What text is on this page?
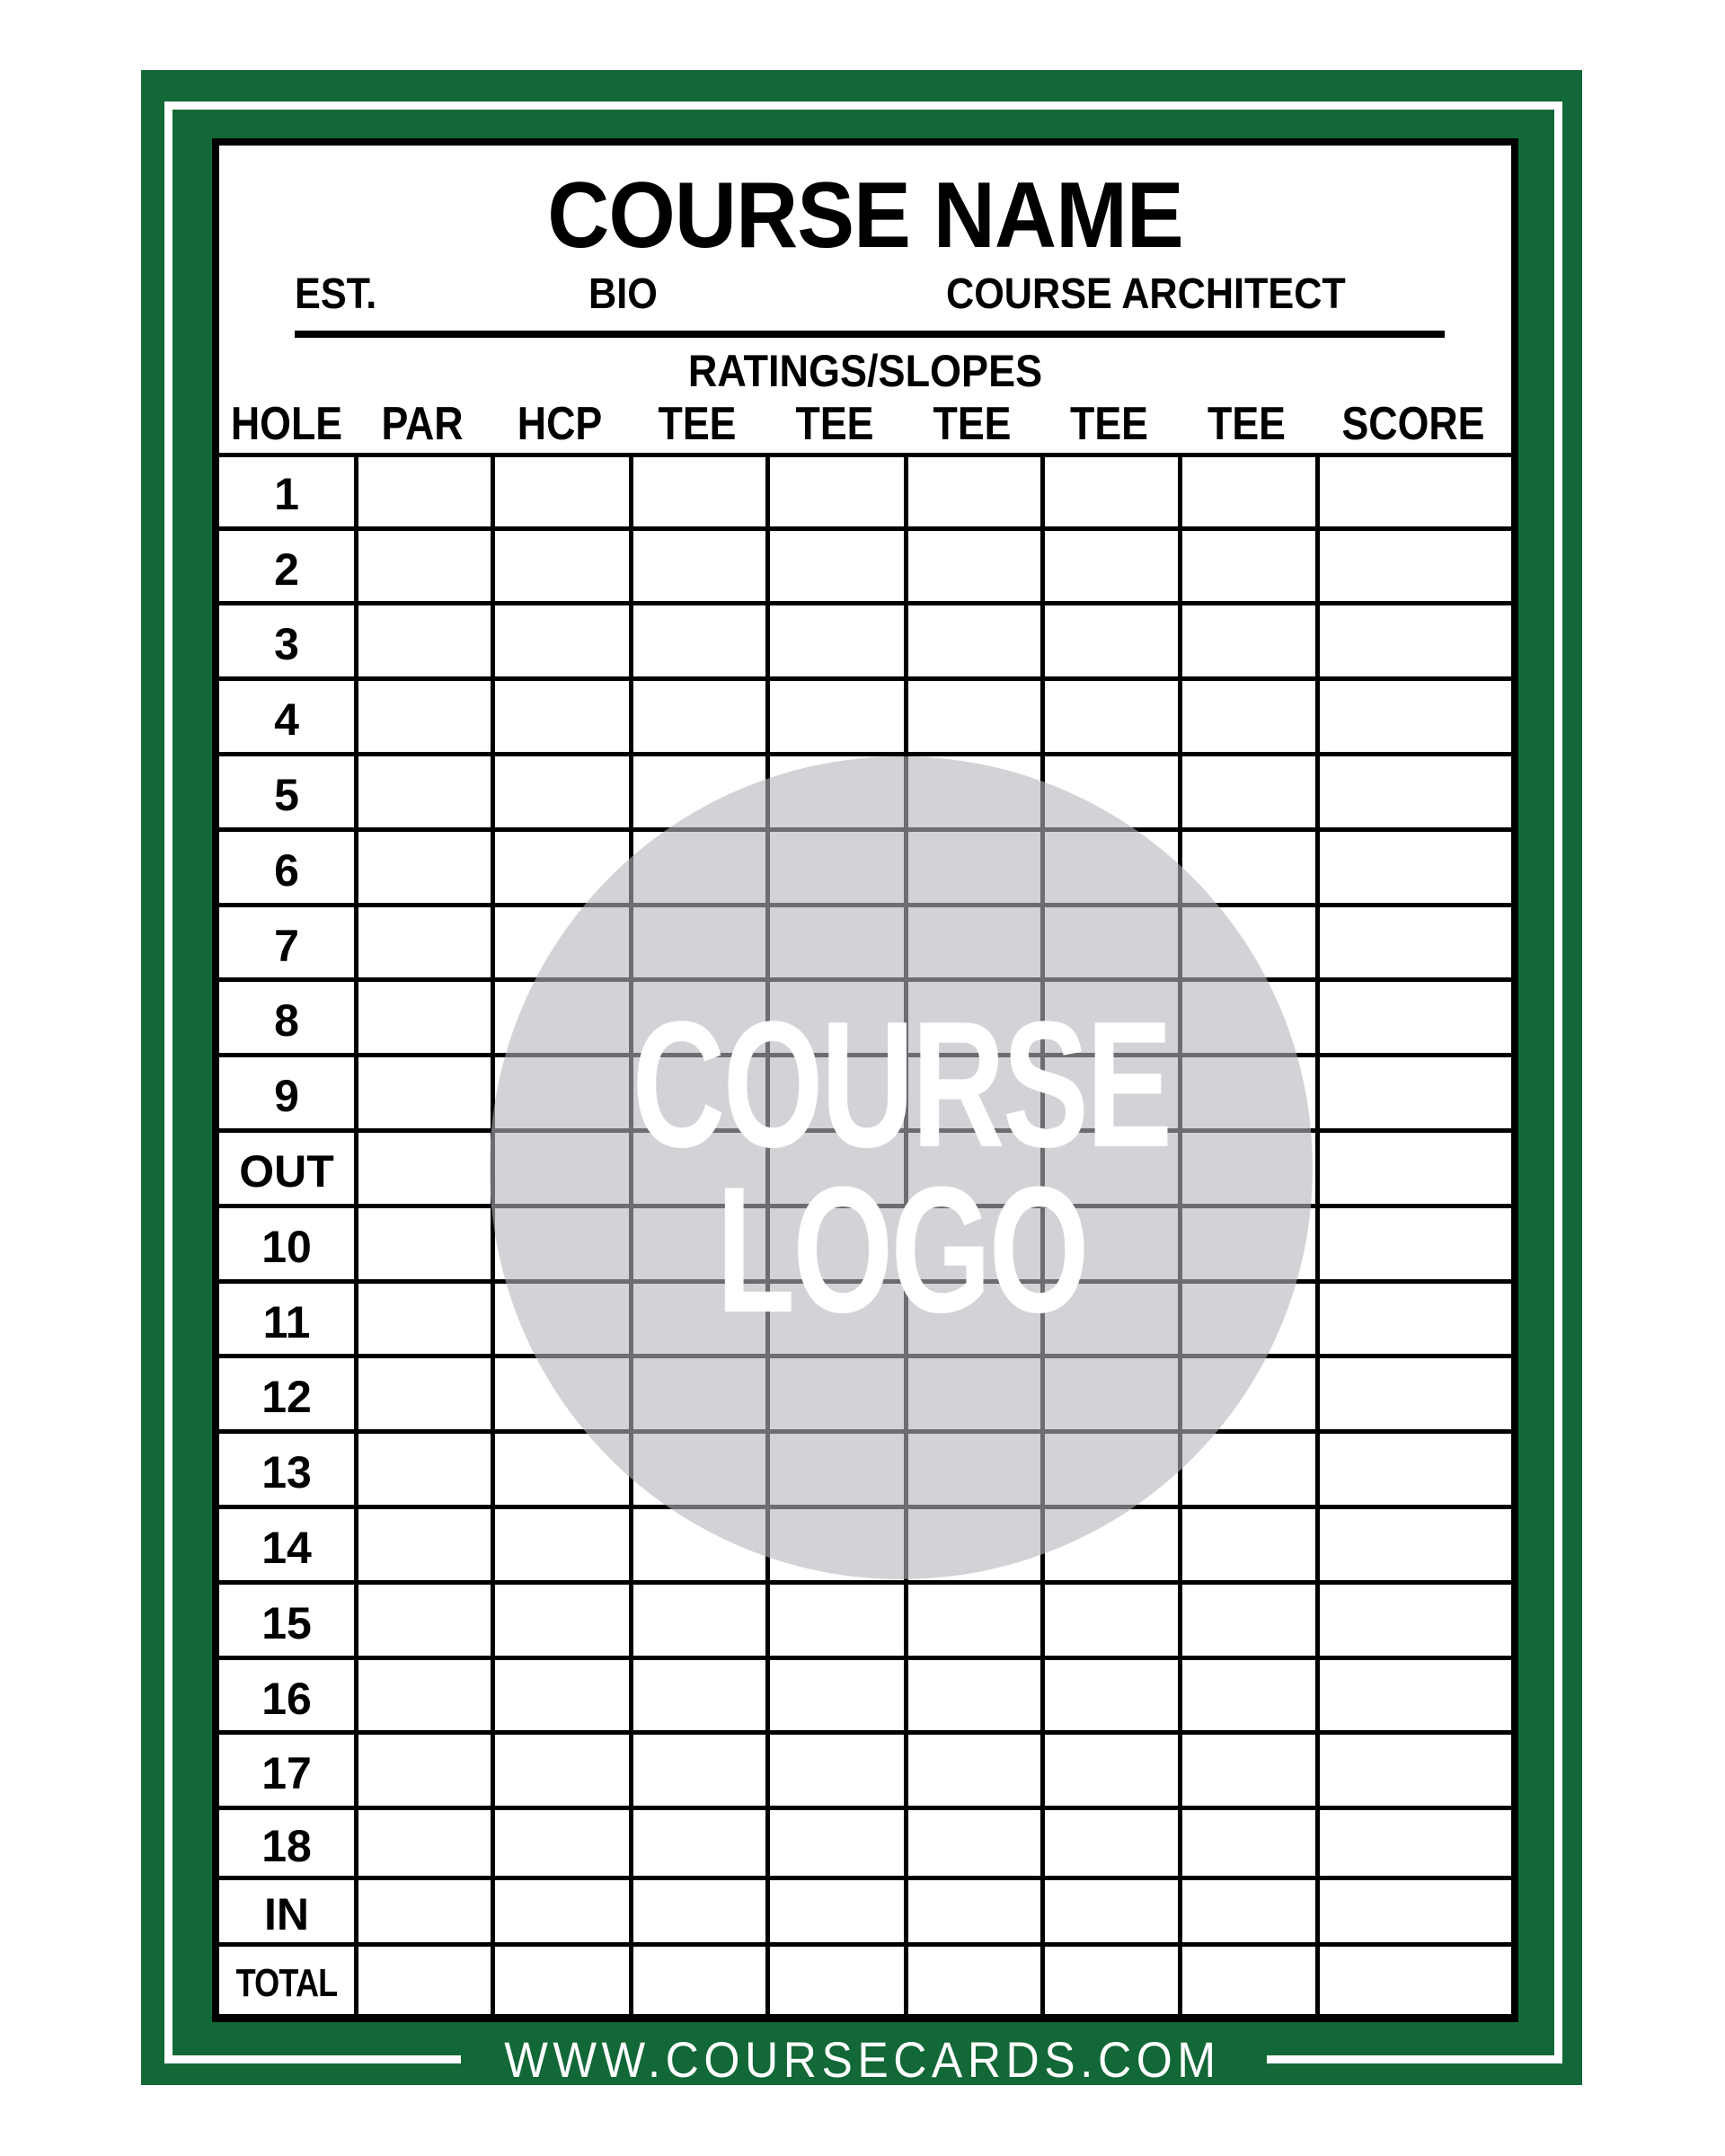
COURSE NAME
EST.	BIO	COURSE ARCHITECT
RATINGS/SLOPES
HOLE PAR	HCP	TEE	TEE	TEE	TEE	TEE	SCORE
1
2
3
4
5
6
7
8
9
OUT
10
11
12
13
14
15
16
17
18
IN
TOTAL
COURSE
LOGO
WWW.COURSECARDS.COM
